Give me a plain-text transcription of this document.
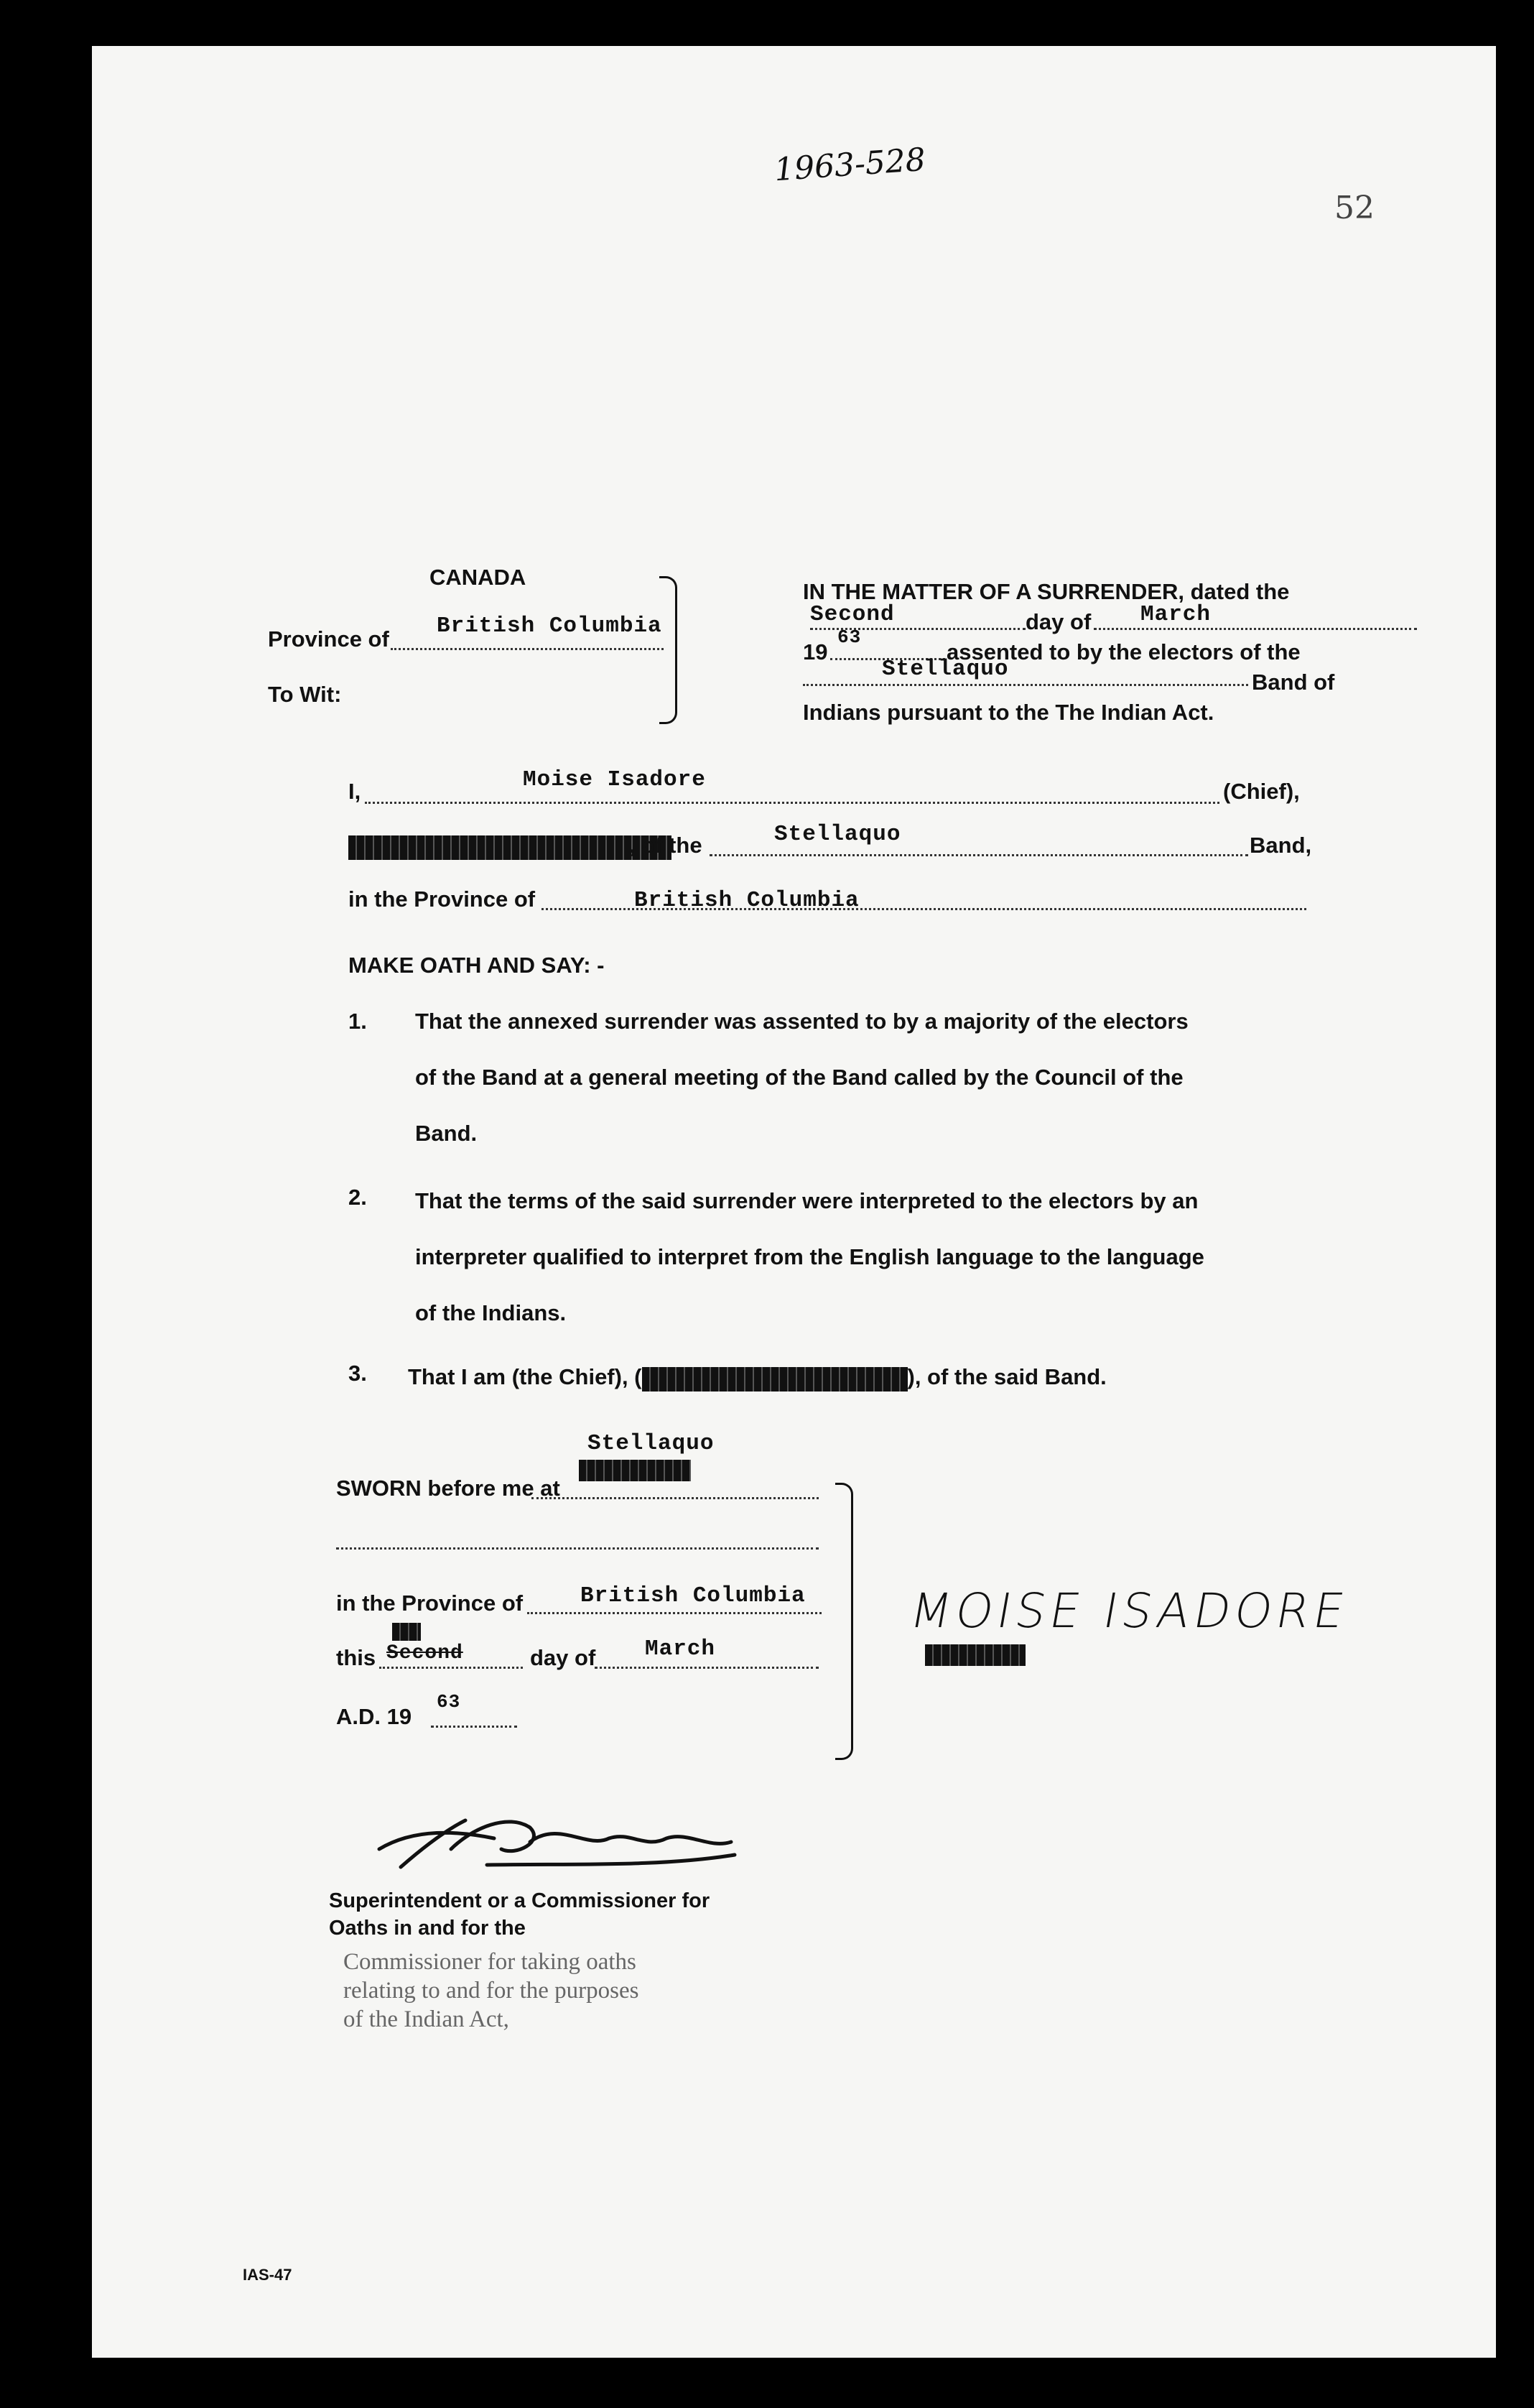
1963-528
52
CANADA
Province of
British Columbia
To Wit:
IN THE MATTER OF A SURRENDER, dated the
Second	day of March
19
63
assented to by the electors of the
Stellaquo
Band of
Indians pursuant to the The Indian Act.
I,	Moise Isadore	(Chief),
, of the	Stellaquo	Band,
in the Province of	British Columbia
MAKE OATH AND SAY: -
1. That the annexed surrender was assented to by a majority of the electors
of the Band at a general meeting of the Band called by the Council of the
Band.
2. That the terms of the said surrender were interpreted to the electors by an
interpreter qualified to interpret from the English language to the language
of the Indians.
3. That I am (the Chief), (	), of the said Band.
Stellaquo
SWORN before me at
in the Province of	British Columbia
this Second	day of March
A.D. 19
63
MOISE ISADORE
Superintendent or a Commissioner for
Oaths in and for the
Commissioner for taking oaths
relating to and for the purposes
of the Indian Act,
IAS-47
